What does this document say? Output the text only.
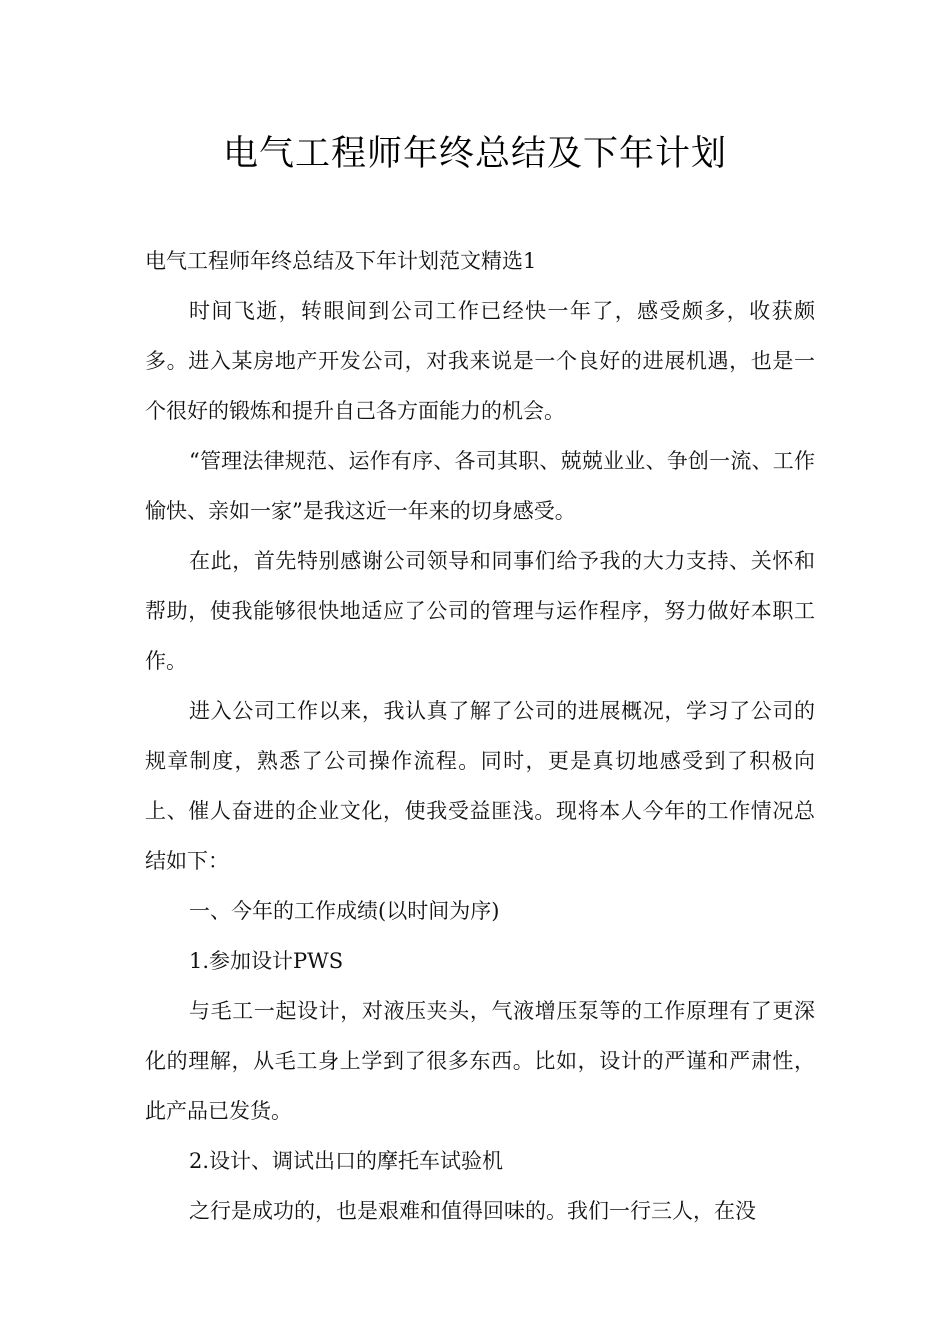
电气工程师年终总结及下年计划

电气工程师年终总结及下年计划范文精选1

时间飞逝，转眼间到公司工作已经快一年了，感受颇多，收获颇多。进入某房地产开发公司，对我来说是一个良好的进展机遇，也是一个很好的锻炼和提升自己各方面能力的机会。

“管理法律规范、运作有序、各司其职、兢兢业业、争创一流、工作愉快、亲如一家”是我这近一年来的切身感受。

在此，首先特别感谢公司领导和同事们给予我的大力支持、关怀和帮助，使我能够很快地适应了公司的管理与运作程序，努力做好本职工作。

进入公司工作以来，我认真了解了公司的进展概况，学习了公司的规章制度，熟悉了公司操作流程。同时，更是真切地感受到了积极向上、催人奋进的企业文化，使我受益匪浅。现将本人今年的工作情况总结如下：

一、今年的工作成绩(以时间为序)

1.参加设计PWS

与毛工一起设计，对液压夹头，气液增压泵等的工作原理有了更深化的理解，从毛工身上学到了很多东西。比如，设计的严谨和严肃性，此产品已发货。

2.设计、调试出口的摩托车试验机

之行是成功的，也是艰难和值得回味的。我们一行三人，在没
